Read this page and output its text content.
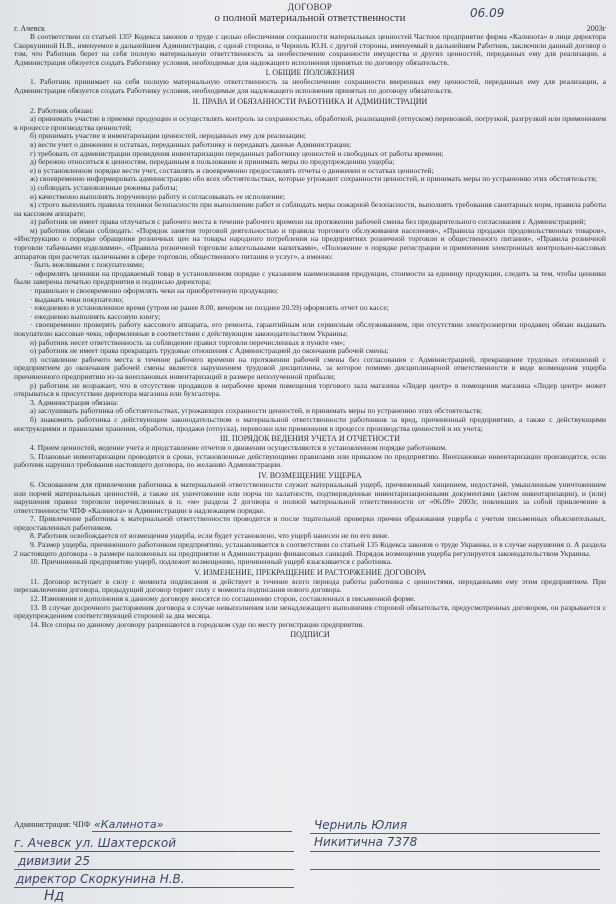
ДОГОВОР
о полной материальной ответственности
г. Ачевск	2003г

В соответствии со статьей 135¹ Кодекса законов о труде с целью обеспечения сохранности материальных ценностей Частное предприятие фирма «Калинота» в лице директора Скоркуниной Н.В., именуемое в дальнейшем Администрация, с одной стороны, и Черниль Ю.Н. с другой стороны, именуемый в дальнейшем Работник, заключили данный договор о том, что Работник берет на себя полную материальную ответственность за необеспечение сохранности имущества и других ценностей, переданных ему для реализации, а Администрация обязуется создать Работнику условия, необходимые для надежащего исполнения принятых по договору обязательств.

I. ОБЩИЕ ПОЛОЖЕНИЯ

1. Работник принимает на себя полную материальную ответственность за необеспечение сохранности вверенных ему ценностей, переданных ему для реализации, а Администрация обязуется создать Работнику условия, необходимые для надлежащего исполнения принятых по договору обязательств.

II. ПРАВА И ОБЯЗАННОСТИ РАБОТНИКА И АДМИНИСТРАЦИИ

2. Работник обязан:

а) принимать участие в приемке продукции и осуществлять контроль за сохранностью, обработкой, реализацией (отпуском) перевозкой, погрузкой, разгрузкой или применением в процессе производства ценностей;

б) принимать участие в инвентаризации ценностей, переданных ему для реализации;

в) вести учет о движении и остатках, переданных работнику и передавать данные Администрации;

г) требовать от администрации проведения инвентаризации переданных работнику ценностей и свободных от работы времени;

д) бережно относиться к ценностям, переданным в пользование и принимать меры по предупреждению ущерба;

е) в установленном порядке вести учет, составлять и своевременно предоставлять отчеты о движении и остатках ценностей;

ж) своевременно информировать администрацию обо всех обстоятельствах, которые угрожают сохранности ценностей, и принимать меры по устранению этих обстоятельств;

з) соблюдать установленные режимы работы;

и) качественно выполнять порученную работу и согласовывать ее исполнение;

к) строго выполнять правила техники безопасности при выполнении работ и соблюдать меры пожарной безопасности, выполнять требования санитарных норм, правила работы на кассовом аппарате;

л) работник не имеет права отлучаться с рабочего места в течение рабочего времени на протяжении рабочей смены без предварительного согласования с Администрацией;

м) работник обязан соблюдать: «Порядок занятия торговой деятельностью и правила торгового обслуживания населения», «Правила продажи продовольственных товаров», «Инструкцию о порядке обращения розничных цен на товары народного потребления на предприятиях розничной торговли и общественного питания», «Правила розничной торговли табачными изделиями», «Правила розничной торговли алкогольными напитками», «Положение о порядке регистрации и применения электронных контрольно-кассовых аппаратов при расчетах наличными в сфере торговли, общественного питания и услуг», а именно:

· быть вежливыми с покупателями;

· оформлять ценники на продаваемый товар в установленном порядке с указанием наименования продукции, стоимости за единицу продукции, следить за тем, чтобы ценники были заверены печатью предприятия и подписью директора;

· правильно и своевременно оформлять чеки на приобретенную продукцию;

· выдавать чеки покупателю;

· ежедневно в установленное время (утром не ранее 8.00, вечером не позднее 20.59) оформлять отчет по кассе;

· ежедневно выполнять кассовую книгу;

· своевременно проверять работу кассового аппарата, его ремонта, гарантийным или сервисным обслуживанием, при отсутствии электроэнергии продавец обязан выдавать покупателю кассовые чеки, оформленные в соответствии с действующим законодательством Украины;

н) работник несет ответственность за соблюдение правил торговли перечисленных в пункте «м»;

о) работник не имеет права прекращать трудовые отношения с Администрацией до окончания рабочей смены;

п) оставление рабочего места в течение рабочего времени на протяжении рабочей смены без согласования с Администрацией, прекращение трудовых отношений с предприятием до окончания рабочей смены является нарушением трудовой дисциплины, за которое помимо дисциплинарной ответственности в виде возмещения ущерба причиненного предприятию из-за внеплановых инвентаризаций в размере неполученной прибыли;

р) работник не возражает, что в отсутствие продавцов в нерабочее время помещения торгового зала магазина «Лидер центр» в помещения магазина «Лидер центр» может открываться в присутствии директора магазина или бухгалтера.

3. Администрация обязана:

а) заслушивать работника об обстоятельствах, угрожающих сохранности ценностей, и принимать меры по устранению этих обстоятельств;

б) знакомить работника с действующим законодательством о материальной ответственности работников за вред, причиненный предприятию, а также с действующими инструкциями и правилами хранения, обработки, продажи (отпуска), перевозки или применения в процессе производства ценностей и их учета;

III. ПОРЯДОК ВЕДЕНИЯ УЧЕТА И ОТЧЕТНОСТИ

4. Прием ценностей, ведение учета и представление отчетов о движении осуществляются в установленном порядке работником.

5. Плановые инвентаризации проводятся в сроки, установленные действующими правилами или приказом по предприятию. Внеплановые инвентаризации производятся, если работник нарушил требования настоящего договора, по желанию Администрации.

IV. ВОЗМЕЩЕНИЕ УЩЕРБА

6. Основанием для привлечения работника к материальной ответственности служит материальный ущерб, причиненный хищением, недостачей, умышленным уничтожением или порчей материальных ценностей, а также их уничтожение или порча по халатности, подтвержденные инвентаризационными документами (актом инвентаризации), и (или) нарушения правил торговли перечисленных в п. «м» раздела 2 договора о полной материальной ответственности от «06.09» 2003г, повлекших за собой привлечение к ответственности ЧПФ «Калинота» и Администрации в надлежащем порядке.

7. Привлечение работника к материальной ответственности проводится и после тщательной проверки причин образования ущерба с учетом письменных объяснительных, предоставленных работником.

8. Работник освобождается от возмещения ущерба, если будет установлено, что ущерб нанесен не по его вине.

9. Размер ущерба, причиненного работником предприятию, устанавливается в соответствии со статьей 135 Кодекса законов о труде Украины, и в случае нарушения п. А раздела 2 настоящего договора - в размере наложенных на предприятие и Администрацию финансовых санкций. Порядок возмещения ущерба регулируется законодательством Украины.

10. Причиненный предприятию ущерб, подлежит возмещению, причиненный ущерб взыскивается с работника.

V. ИЗМЕНЕНИЕ, ПРЕКРАЩЕНИЕ И РАСТОРЖЕНИЕ ДОГОВОРА

11. Договор вступает в силу с момента подписания и действует в течение всего периода работы работника с ценностями, переданными ему этим предприятием. При перезаключении договора, предыдущий договор теряет силу с момента подписания нового договора.

12. Изменения и дополнения к данному договору вносятся по соглашению сторон, составленных в письменной форме.

13. В случае досрочного расторжения договора в случае невыполнения или ненадлежащего выполнения стороной обязательств, предусмотренных договором, он разрывается с предупреждением соответствующей стороной за два месяца.

14. Все споры по данному договору разрешаются в городском суде по месту регистрации предприятия.

ПОДПИСИ
06.09
Администрация: ЧПФ «Калинота»
г. Ачевск ул. Шахтерской
дивизии 25
директор Скоркунина Н.В.
Нд
Черниль Юлия
Никитична 7378
